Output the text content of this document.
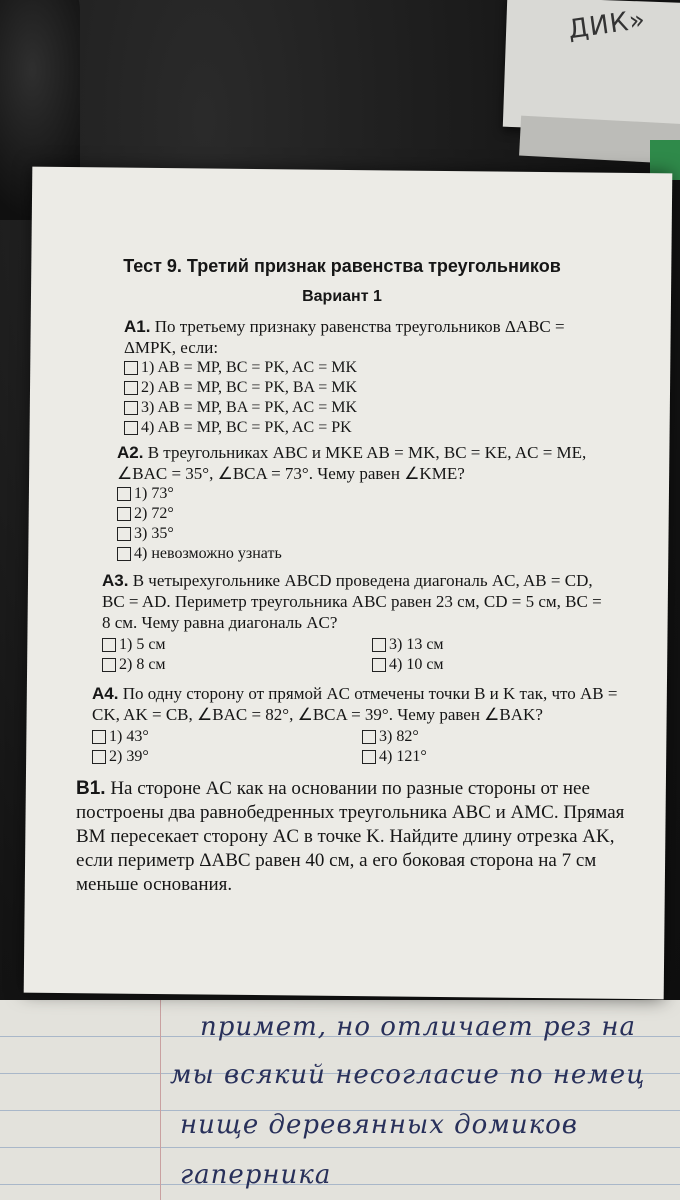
Тест 9. Третий признак равенства треугольников
Вариант 1
А1. По третьему признаку равенства треугольников ΔABC = ΔMPK, если:
1) AB = MP, BC = PK, AC = MK
2) AB = MP, BC = PK, BA = MK
3) AB = MP, BA = PK, AC = MK
4) AB = MP, BC = PK, AC = PK
А2. В треугольниках ABC и MKE AB = MK, BC = KE, AC = ME, ∠BAC = 35°, ∠BCA = 73°. Чему равен ∠KME?
1) 73°
2) 72°
3) 35°
4) невозможно узнать
А3. В четырехугольнике ABCD проведена диагональ AC, AB = CD, BC = AD. Периметр треугольника ABC равен 23 см, CD = 5 см, BC = 8 см. Чему равна диагональ AC?
1) 5 см	3) 13 см
2) 8 см	4) 10 см
А4. По одну сторону от прямой AC отмечены точки B и K так, что AB = CK, AK = CB, ∠BAC = 82°, ∠BCA = 39°. Чему равен ∠BAK?
1) 43°	3) 82°
2) 39°	4) 121°
В1. На стороне AC как на основании по разные стороны от нее построены два равнобедренных треугольника ABC и AMC. Прямая BM пересекает сторону AC в точке K. Найдите длину отрезка AK, если периметр ΔABC равен 40 см, а его боковая сторона на 7 см меньше основания.
примет, но отличает рез на
мы всякий несогласие по немец
нище деревянных домиков
гаперника
ДИК»
